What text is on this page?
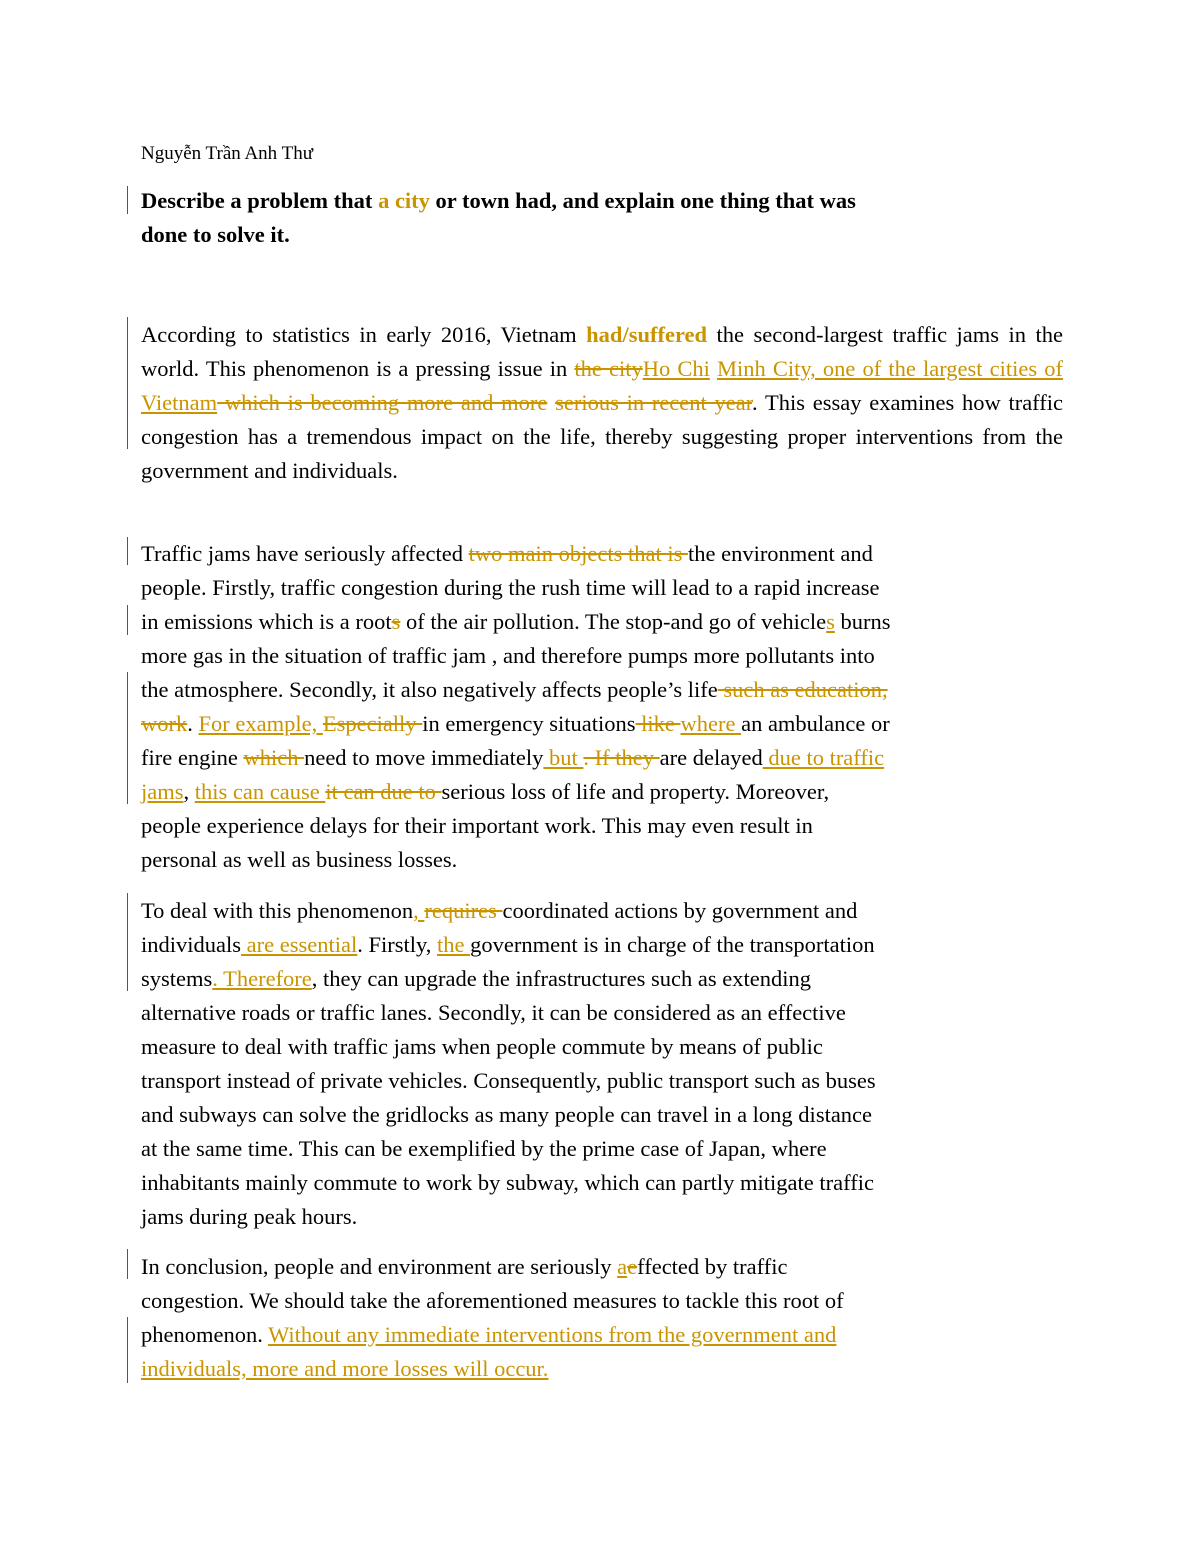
Nguyễn Trần Anh Thư
Describe a problem that a city or town had, and explain one thing that was
done to solve it.
According to statistics in early 2016, Vietnam had/suffered the second-largest traffic jams in the world. This phenomenon is a pressing issue in the cityHo Chi Minh City, one of the largest cities of Vietnam which is becoming more and more serious in recent year. This essay examines how traffic congestion has a tremendous impact on the life, thereby suggesting proper interventions from the government and individuals.
Traffic jams have seriously affected two main objects that is the environment and
people. Firstly, traffic congestion during the rush time will lead to a rapid increase
in emissions which is a roots of the air pollution. The stop-and go of vehicles burns
more gas in the situation of traffic jam , and therefore pumps more pollutants into
the atmosphere. Secondly, it also negatively affects people’s life such as education,
work. For example, Especially in emergency situations like where an ambulance or
fire engine which need to move immediately but . If they are delayed due to traffic
jams, this can cause it can due to serious loss of life and property. Moreover,
people experience delays for their important work. This may even result in
personal as well as business losses.
To deal with this phenomenon, requires coordinated actions by government and
individuals are essential. Firstly, the government is in charge of the transportation
systems. Therefore, they can upgrade the infrastructures such as extending
alternative roads or traffic lanes. Secondly, it can be considered as an effective
measure to deal with traffic jams when people commute by means of public
transport instead of private vehicles. Consequently, public transport such as buses
and subways can solve the gridlocks as many people can travel in a long distance
at the same time. This can be exemplified by the prime case of Japan, where
inhabitants mainly commute to work by subway, which can partly mitigate traffic
jams during peak hours.
In conclusion, people and environment are seriously aeffected by traffic
congestion. We should take the aforementioned measures to tackle this root of
phenomenon. Without any immediate interventions from the government and
individuals, more and more losses will occur.
